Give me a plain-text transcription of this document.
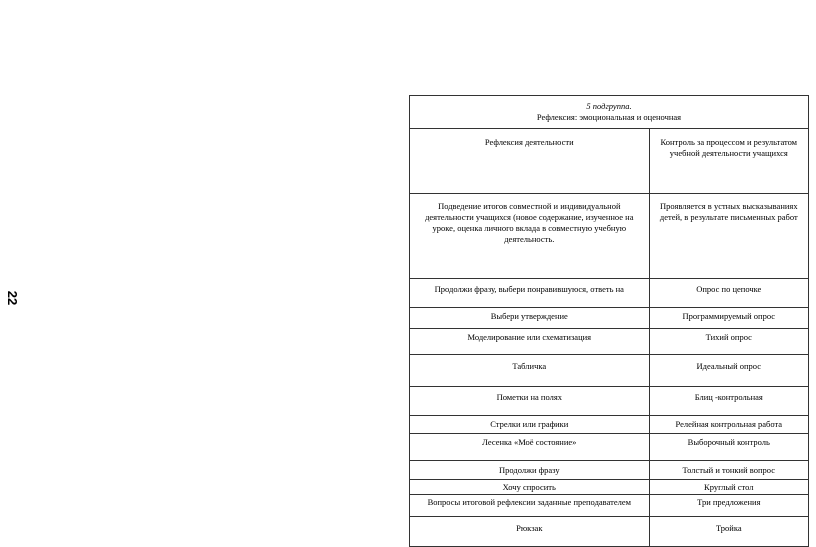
22
5 подгруппа.
Рефлексия: эмоциональная и оценочная	

Рефлексия деятельности	Контроль за процессом и результатом учебной деятельности учащихся
Подведение итогов совместной и индивидуальной деятельности учащихся (новое содержание, изученное на уроке, оценка личного вклада в совместную учебную деятельность.	Проявляется в устных высказываниях детей, в результате письменных работ
Продолжи фразу, выбери понравившуюся, ответь на	Опрос по цепочке
Выбери утверждение	Программируемый опрос
Моделирование или схематизация	Тихий опрос
Табличка	Идеальный опрос
Пометки на полях	Блиц -контрольная
Стрелки или графики	Релейная контрольная работа
Лесенка «Моё состояние»	Выборочный контроль
Продолжи фразу	Толстый и тонкий вопрос
Хочу спросить	Круглый стол
Вопросы итоговой рефлексии заданные преподавателем	Три предложения
Рюкзак	Тройка
